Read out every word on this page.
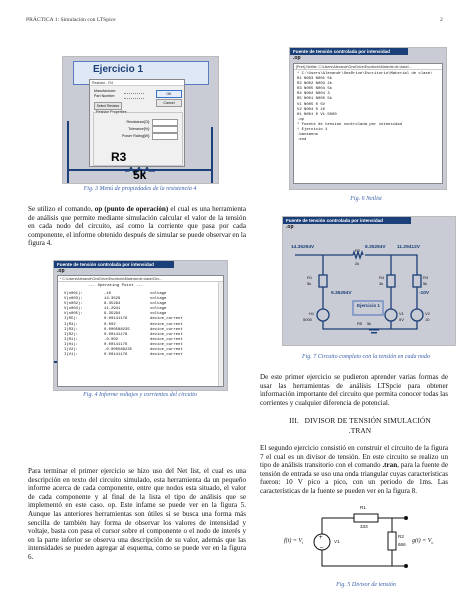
PRÁCTICA 1: Simulación con LTSpice	2
Ejercicio 1
Resistor - R4
Manufacturer:
Part Number:
Select Resistor
OK
Cancel
Resistor Properties
Resistance[Ω]:
Tolerance[%]:
Power Rating[W]:
R3
5k
Fig. 3 Menú de propiedades de la resistencia 4
Se utilizo el comando, op (punto de operación) el cual es una herramienta de análisis que permite mediante simulación calcular el valor de la tensión en cada nodo del circuito, así como la corriente que pasa por cada componente, el informe obtenido después de simular se puede observar en la figura 4.
Fuente de tensión controlada por intensidad
.op
* C:\Users\Alexandr\OneDrive\Escritorio\Material de clase\Circ...
--- Operating Point ---
V(n001):	-10	voltage
V(n003):	14.3529	voltage
V(n002):	8.35294	voltage
V(n004):	11.2941	voltage
V(n005):	9.35294	voltage
I(R5):	0.00141176	device_current
I(R4):	0.002	device_current
I(R3):	0.000588235	device_current
I(R2):	0.00141176	device_current
I(R1):	-0.002	device_current
I(H1):	0.00141176	device_current
I(V2):	-0.000588235	device_current
I(V1):	0.00141176	device_current
Fig. 4 Informe voltajes y corrientes del circuito
Para terminar el primer ejercicio se hizo uso del Net list, el cual es una descripción en texto del circuito simulado, esta herramienta da un pequeño informe acerca de cada componente, entre que nodos esta situado, el valor de cada componente y al final de la lista el tipo de análisis que se implementó en este caso. op. Este infame se puede ver en la figura 5. Aunque las anteriores herramientas son útiles si se busca una forma más sencilla de también hay forma de observar los valores de intensidad y voltaje, basta con pasa el cursor sobre el componente o el nodo de interés y en la parte inferior se observa una descripción de su valor, además que las intensidades se pueden agregar al esquema, como se puede ver en la figura 6.
Fuente de tensión controlada por intensidad
.op
[Print] Netlist: C:\Users\Alexandr\OneDrive\Escritorio\Material de clase\...
* C:\Users\Alexandr\OneDrive\Escritorio\Material de clase\
R1 N003 N001 5k
R2 N002 N003 2k
R3 N005 N004 5k
R4 N002 N004 3
R5 N001 N005 5k
V1 N005 0 5V
V2 N004 0 10
H1 N001 0 V1 5000
.op
* Fuente de tension controlada por intensidad
* Ejercicio 1
.backanno
.end
Fig. 6 Netlist
Fuente de tensión controlada por intensidad
.op
14.35294V	8.35294V 11.29412V
9.35294V	-10V
R2
2k
R1
5k
R4
3k
R3
5k
H1
5000
V1
5V
V2
10
R5 5k
Ejercicio 1
Fig. 7 Circuito completo con la tensión en cada nodo
De este primer ejercicio se pudieron aprender varias formas de usar las herramientas de análisis LTSpcie para obtener información importante del circuito que permita conocer todas las corrientes y cualquier diferencia de potencial.
III. DIVISOR DE TENSIÓN SIMULACIÓN
.TRAN
El segundo ejercicio consistió en construir el circuito de la figura 7 el cual es un divisor de tensión. En este circuito se realizo un tipo de análisis transitorio con el comando .tran, para la fuente de tensión de entrada se uso una onda triangular cuyas características fueron: 10 V pico a pico, con un periodo de 1ms. Las características de la fuente se pueden ver en la figura 8.
+
–
R1
333
R2
666
V1
$f(t) = V_i$	$g(t) = V_o$
Fig. 5 Divisor de tensión
